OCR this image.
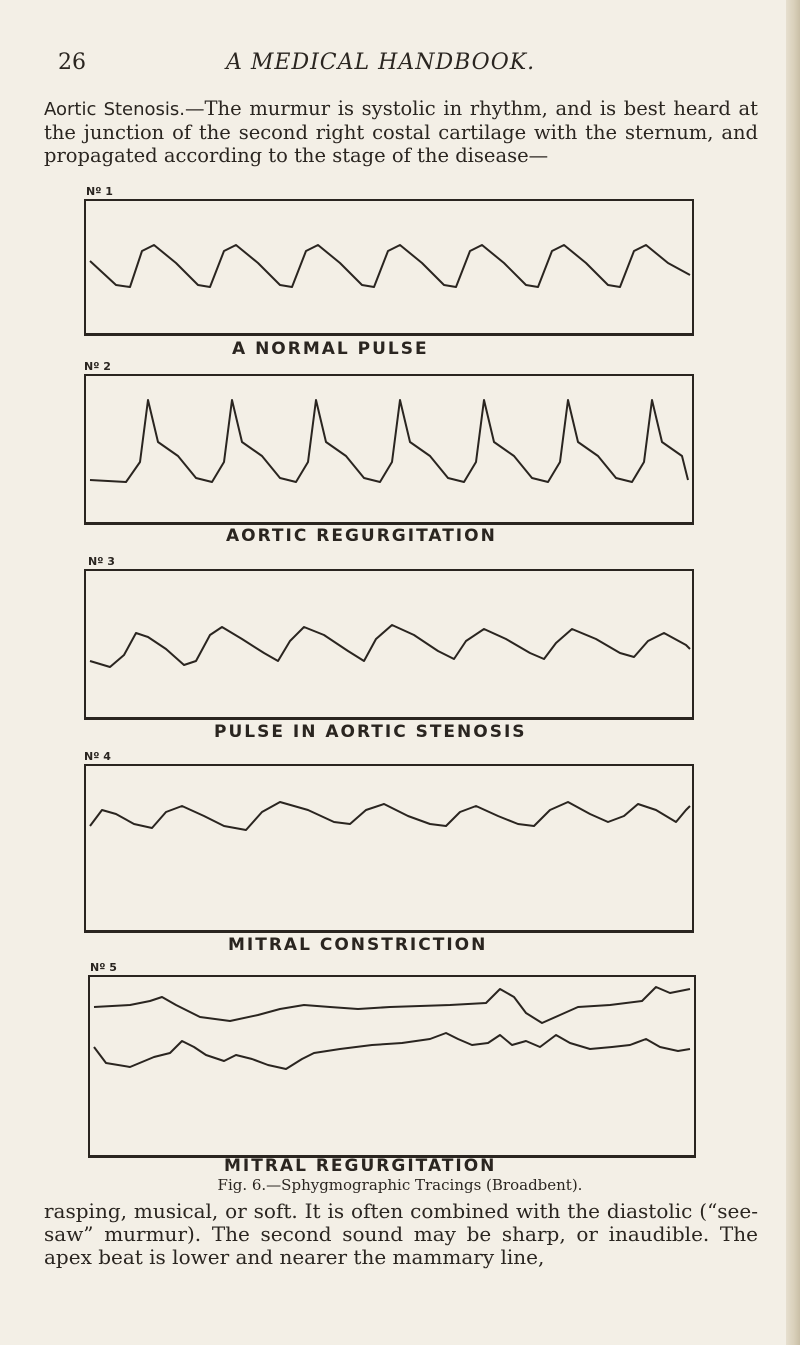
26	A MEDICAL HANDBOOK.
Aortic Stenosis.—The murmur is systolic in rhythm, and is best heard at the junction of the second right costal cartilage with the sternum, and propagated according to the stage of the disease—
Nº 1
A NORMAL PULSE
Nº 2
AORTIC REGURGITATION
Nº 3
PULSE IN AORTIC STENOSIS
Nº 4
MITRAL CONSTRICTION
Nº 5
MITRAL REGURGITATION
Fig. 6.—Sphygmographic Tracings (Broadbent).
rasping, musical, or soft. It is often combined with the diastolic (“see-saw” murmur). The second sound may be sharp, or inaudible. The apex beat is lower and nearer the mammary line,
